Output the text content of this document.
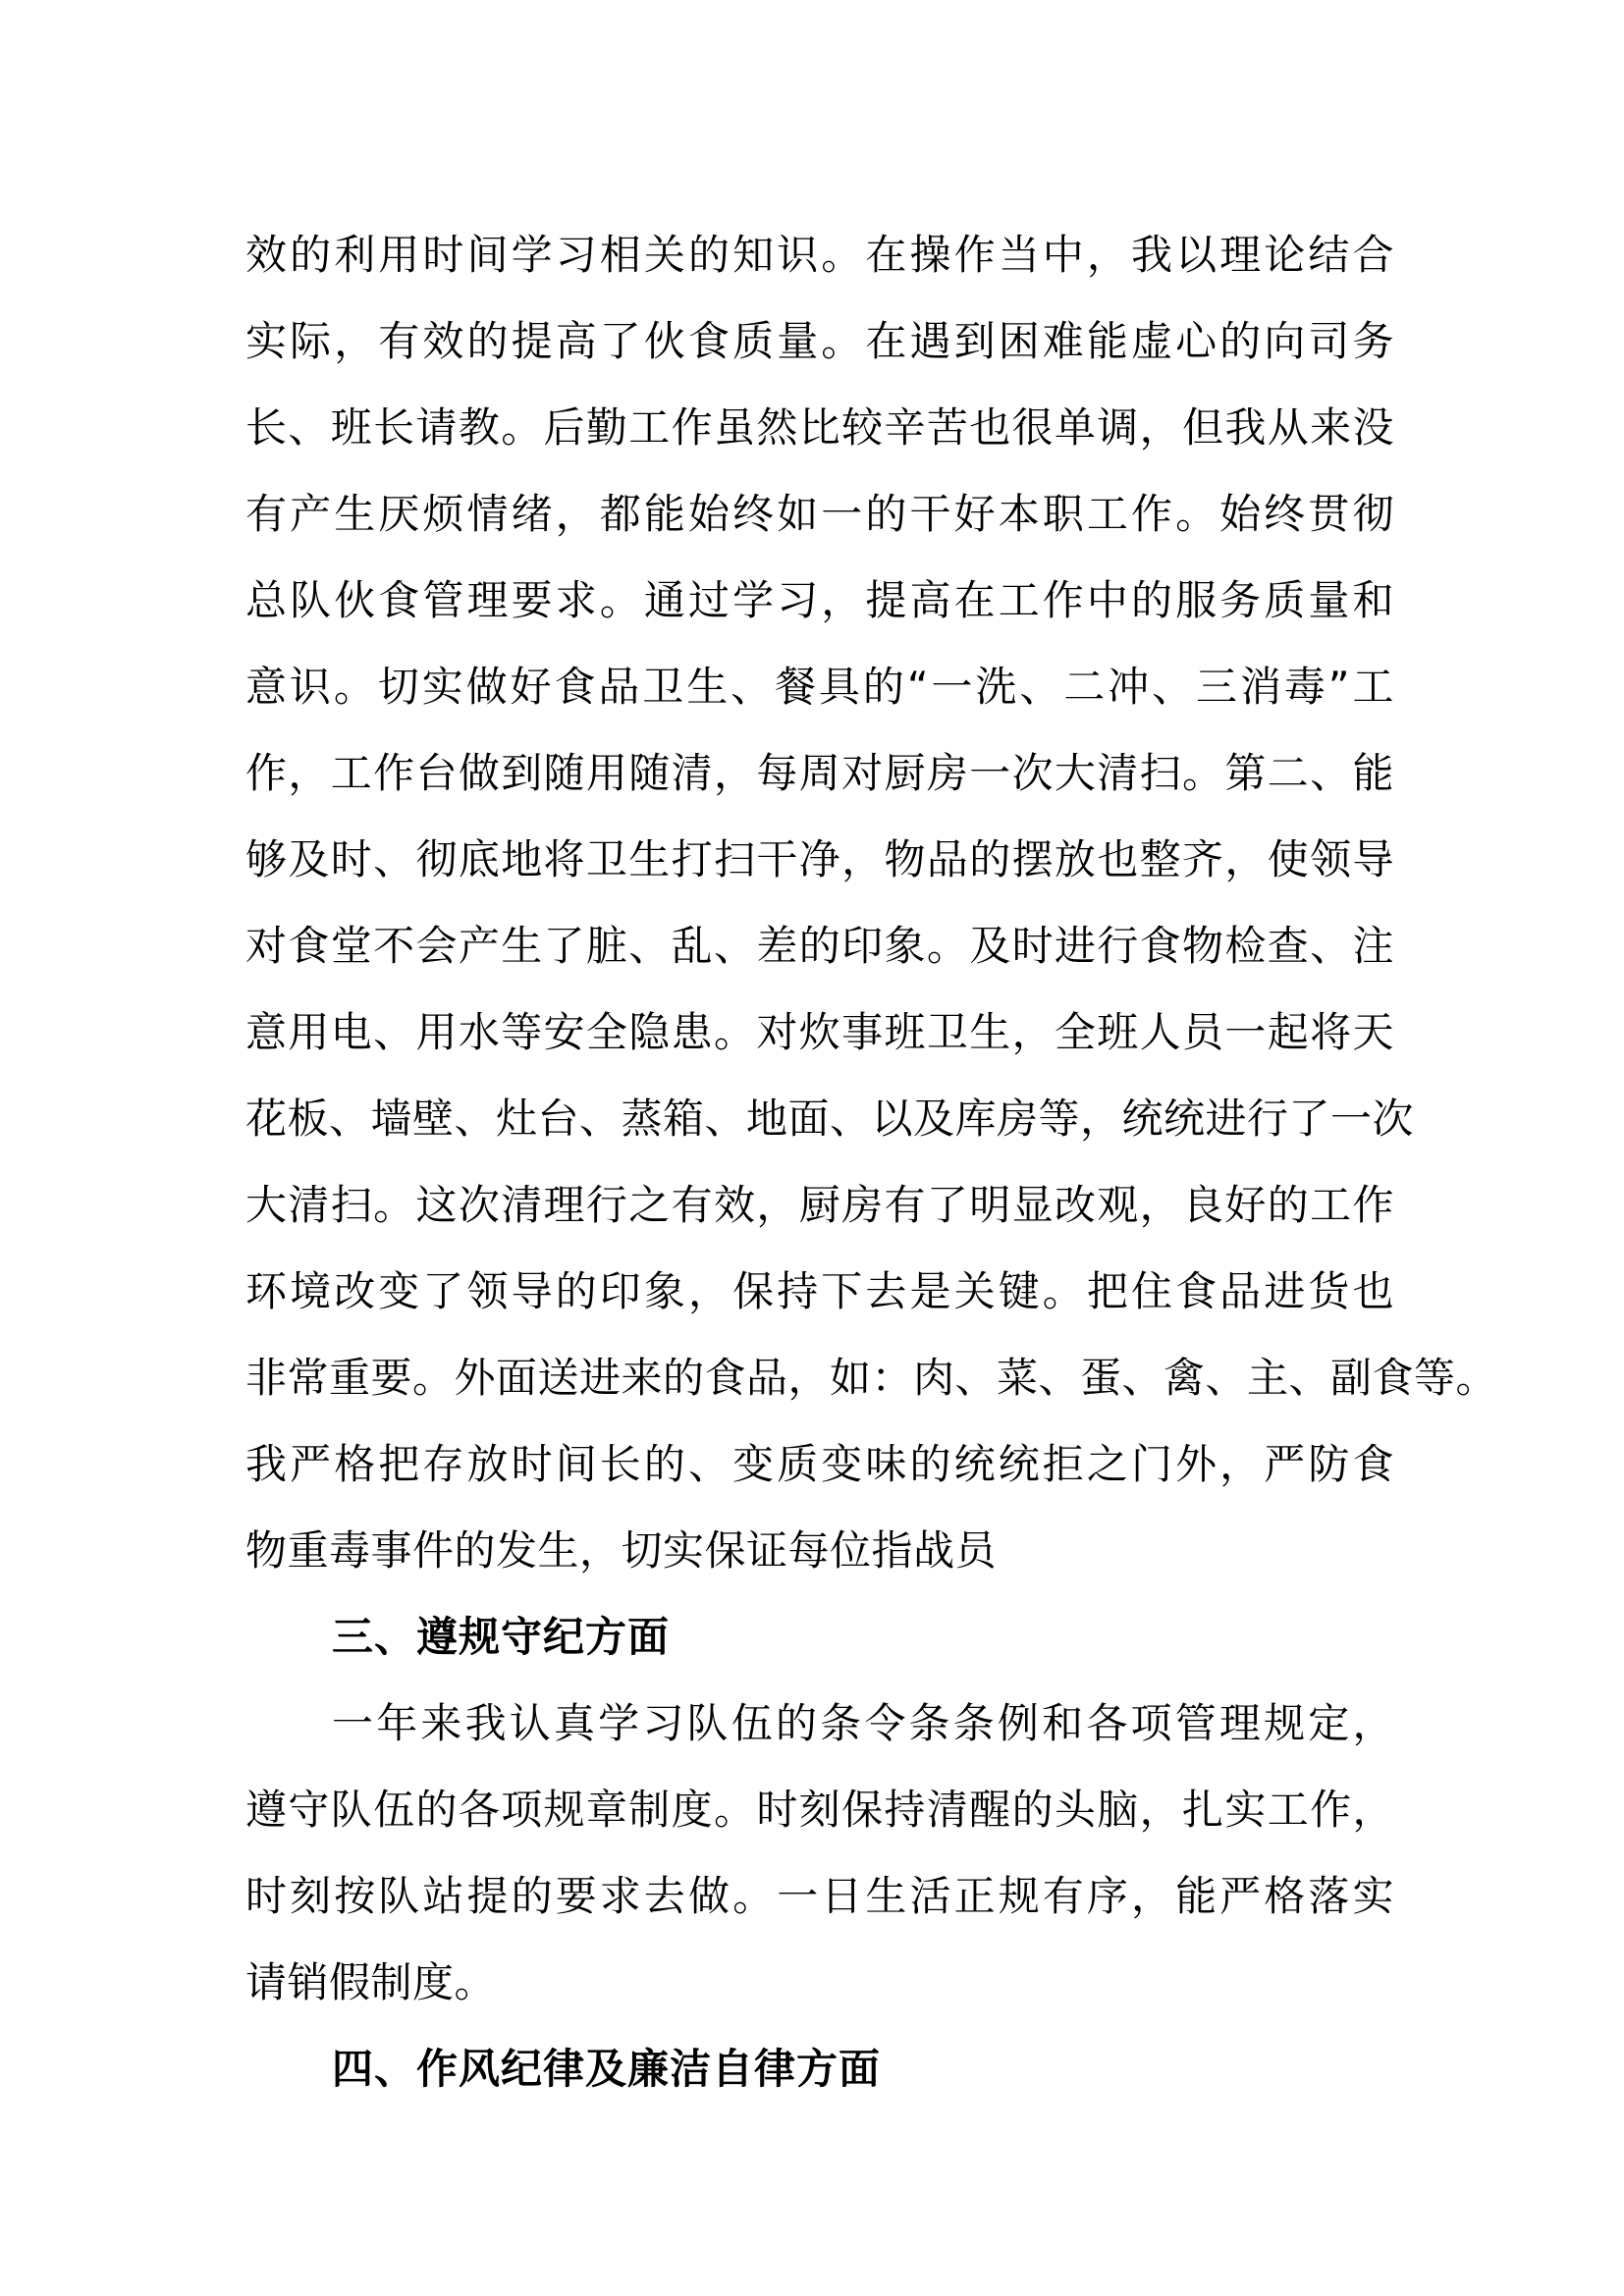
效的利用时间学习相关的知识。在操作当中，我以理论结合
实际，有效的提高了伙食质量。在遇到困难能虚心的向司务
长、班长请教。后勤工作虽然比较辛苦也很单调，但我从来没
有产生厌烦情绪，都能始终如一的干好本职工作。始终贯彻
总队伙食管理要求。通过学习，提高在工作中的服务质量和
意识。切实做好食品卫生、餐具的“一洗、二冲、三消毒”工
作，工作台做到随用随清，每周对厨房一次大清扫。第二、能
够及时、彻底地将卫生打扫干净，物品的摆放也整齐，使领导
对食堂不会产生了脏、乱、差的印象。及时进行食物检查、注
意用电、用水等安全隐患。对炊事班卫生，全班人员一起将天
花板、墙壁、灶台、蒸箱、地面、以及库房等，统统进行了一次
大清扫。这次清理行之有效，厨房有了明显改观，良好的工作
环境改变了领导的印象，保持下去是关键。把住食品进货也
非常重要。外面送进来的食品，如：肉、菜、蛋、禽、主、副食等。
我严格把存放时间长的、变质变味的统统拒之门外，严防食
物重毒事件的发生，切实保证每位指战员
三、遵规守纪方面
一年来我认真学习队伍的条令条条例和各项管理规定，
遵守队伍的各项规章制度。时刻保持清醒的头脑，扎实工作，
时刻按队站提的要求去做。一日生活正规有序，能严格落实
请销假制度。
四、作风纪律及廉洁自律方面
